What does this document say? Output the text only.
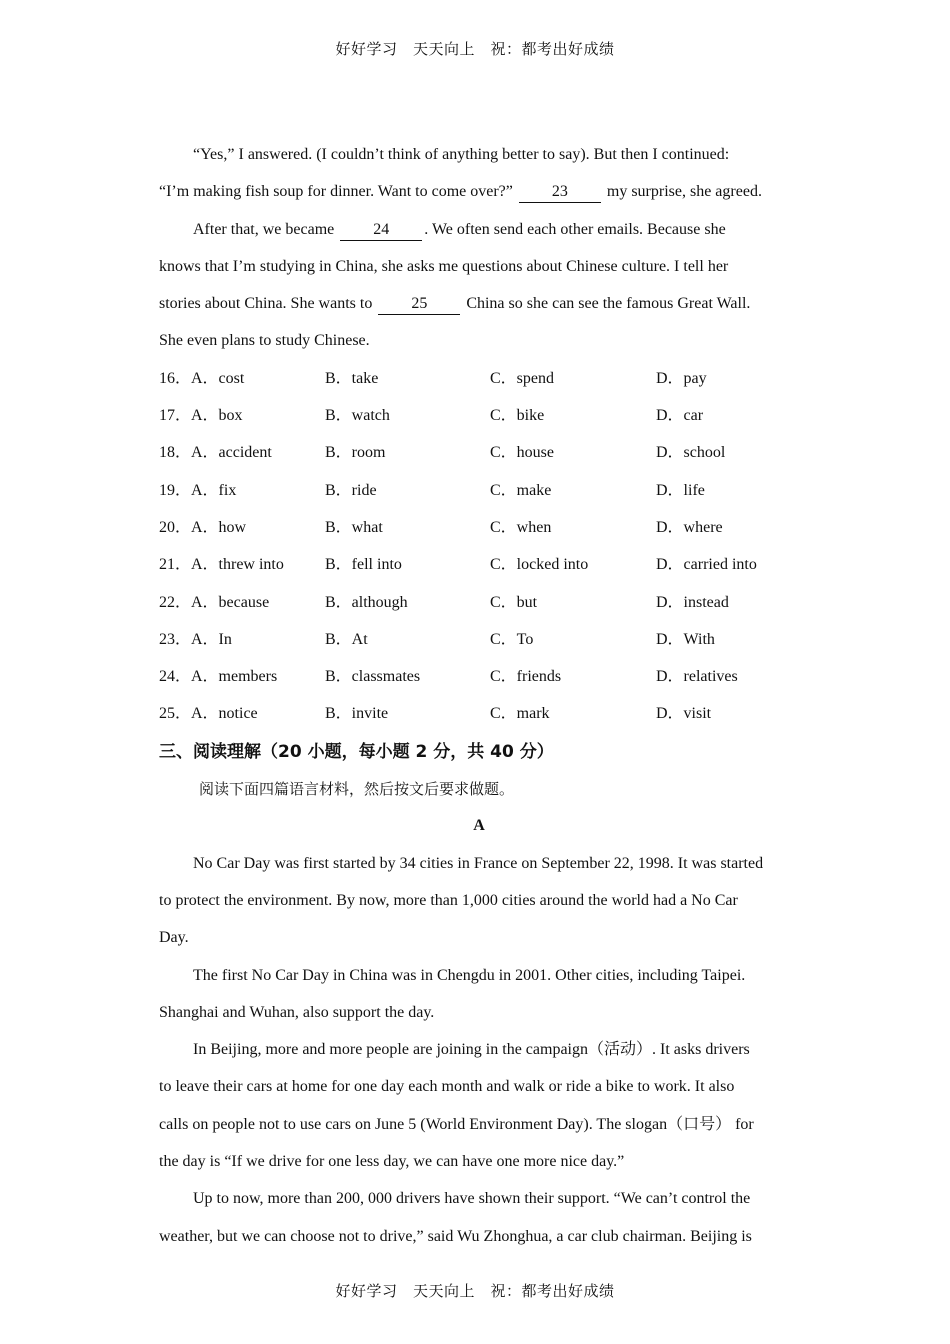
好好学习　天天向上　祝：都考出好成绩
“Yes,” I answered. (I couldn’t think of anything better to say). But then I continued:
“I’m making fish soup for dinner. Want to come over?” 23 my surprise, she agreed.
After that, we became 24 . We often send each other emails. Because she
knows that I’m studying in China, she asks me questions about Chinese culture. I tell her
stories about China. She wants to 25 China so she can see the famous Great Wall.
She even plans to study Chinese.
16．A．cost	B．take	C．spend	D．pay
17．A．box	B．watch	C．bike	D．car
18．A．accident	B．room	C．house	D．school
19．A．fix	B．ride	C．make	D．life
20．A．how	B．what	C．when	D．where
21．A．threw into	B．fell into	C．locked into	D．carried into
22．A．because	B．although	C．but	D．instead
23．A．In	B．At	C．To	D．With
24．A．members	B．classmates	C．friends	D．relatives
25．A．notice	B．invite	C．mark	D．visit
三、阅读理解（20 小题，每小题 2 分，共 40 分）
阅读下面四篇语言材料，然后按文后要求做题。
A
No Car Day was first started by 34 cities in France on September 22, 1998. It was started
to protect the environment. By now, more than 1,000 cities around the world had a No Car
Day.
The first No Car Day in China was in Chengdu in 2001. Other cities, including Taipei.
Shanghai and Wuhan, also support the day.
In Beijing, more and more people are joining in the campaign（活动）. It asks drivers
to leave their cars at home for one day each month and walk or ride a bike to work. It also
calls on people not to use cars on June 5 (World Environment Day). The slogan（口号） for
the day is “If we drive for one less day, we can have one more nice day.”
Up to now, more than 200, 000 drivers have shown their support. “We can’t control the
weather, but we can choose not to drive,” said Wu Zhonghua, a car club chairman. Beijing is
好好学习　天天向上　祝：都考出好成绩
